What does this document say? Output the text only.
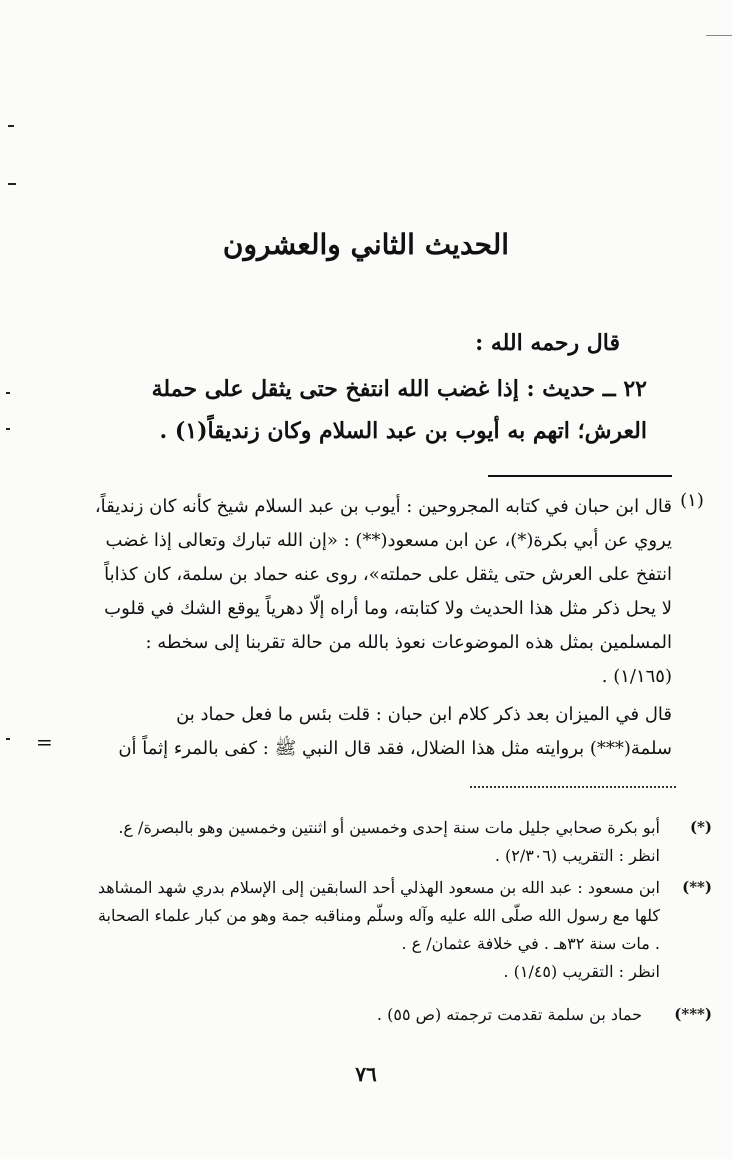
الحديث الثاني والعشرون
قال رحمه الله :
٢٢ ــ حديث : إذا غضب الله انتفخ حتى يثقل على حملة العرش؛ اتهم به أيوب بن عبد السلام وكان زنديقاً(١) .
(١)
قال ابن حبان في كتابه المجروحين : أيوب بن عبد السلام شيخ كأنه كان زنديقاً، يروي عن أبي بكرة(*)، عن ابن مسعود(**) : «إن الله تبارك وتعالى إذا غضب انتفخ على العرش حتى يثقل على حملته»، روى عنه حماد بن سلمة، كان كذاباً لا يحل ذكر مثل هذا الحديث ولا كتابته، وما أراه إلّا دهرياً يوقع الشك في قلوب المسلمين بمثل هذه الموضوعات نعوذ بالله من حالة تقربنا إلى سخطه : (١/١٦٥) .
قال في الميزان بعد ذكر كلام ابن حبان : قلت بئس ما فعل حماد بن سلمة(***) بروايته مثل هذا الضلال، فقد قال النبي ﷺ : كفى بالمرء إثماً أن
=
(*)
أبو بكرة صحابي جليل مات سنة إحدى وخمسين أو اثنتين وخمسين وهو بالبصرة/ ع.
انظر : التقريب (٢/٣٠٦) .
(**)
ابن مسعود : عبد الله بن مسعود الهذلي أحد السابقين إلى الإسلام بدري شهد المشاهد كلها مع رسول الله صلّى الله عليه وآله وسلّم ومناقبه جمة وهو من كبار علماء الصحابة . مات سنة ٣٢هـ . في خلافة عثمان/ ع .
انظر : التقريب (١/٤٥) .
(***)
حماد بن سلمة تقدمت ترجمته (ص ٥٥) .
٧٦
